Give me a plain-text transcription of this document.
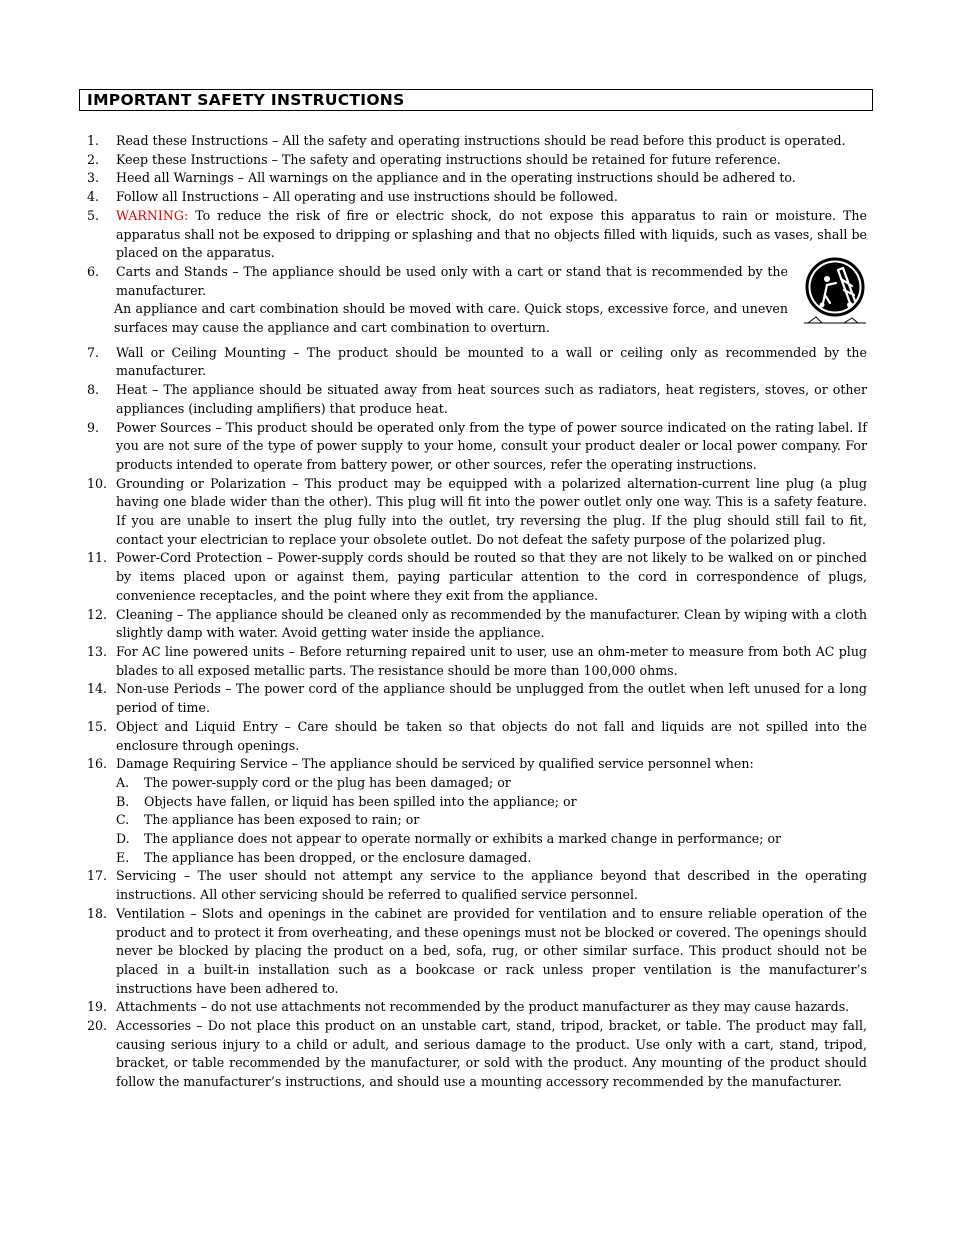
IMPORTANT SAFETY INSTRUCTIONS
1.	Read these Instructions – All the safety and operating instructions should be read before this product is operated.
2.	Keep these Instructions – The safety and operating instructions should be retained for future reference.
3.	Heed all Warnings – All warnings on the appliance and in the operating instructions should be adhered to.
4.	Follow all Instructions – All operating and use instructions should be followed.
5.	WARNING: To reduce the risk of fire or electric shock, do not expose this apparatus to rain or moisture. The apparatus shall not be exposed to dripping or splashing and that no objects filled with liquids, such as vases, shall be placed on the apparatus.
6.	Carts and Stands – The appliance should be used only with a cart or stand that is recommended by the manufacturer.
An appliance and cart combination should be moved with care. Quick stops, excessive force, and uneven surfaces may cause the appliance and cart combination to overturn.
7.	Wall or Ceiling Mounting – The product should be mounted to a wall or ceiling only as recommended by the manufacturer.
8.	Heat – The appliance should be situated away from heat sources such as radiators, heat registers, stoves, or other appliances (including amplifiers) that produce heat.
9.	Power Sources – This product should be operated only from the type of power source indicated on the rating label. If you are not sure of the type of power supply to your home, consult your product dealer or local power company. For products intended to operate from battery power, or other sources, refer the operating instructions.
10. Grounding or Polarization – This product may be equipped with a polarized alternation-current line plug (a plug having one blade wider than the other). This plug will fit into the power outlet only one way. This is a safety feature. If you are unable to insert the plug fully into the outlet, try reversing the plug. If the plug should still fail to fit, contact your electrician to replace your obsolete outlet. Do not defeat the safety purpose of the polarized plug.
11. Power-Cord Protection – Power-supply cords should be routed so that they are not likely to be walked on or pinched by items placed upon or against them, paying particular attention to the cord in correspondence of plugs, convenience receptacles, and the point where they exit from the appliance.
12. Cleaning – The appliance should be cleaned only as recommended by the manufacturer. Clean by wiping with a cloth slightly damp with water. Avoid getting water inside the appliance.
13. For AC line powered units – Before returning repaired unit to user, use an ohm-meter to measure from both AC plug blades to all exposed metallic parts. The resistance should be more than 100,000 ohms.
14. Non-use Periods – The power cord of the appliance should be unplugged from the outlet when left unused for a long period of time.
15. Object and Liquid Entry – Care should be taken so that objects do not fall and liquids are not spilled into the enclosure through openings.
16. Damage Requiring Service – The appliance should be serviced by qualified service personnel when:
A.	The power-supply cord or the plug has been damaged; or
B.	Objects have fallen, or liquid has been spilled into the appliance; or
C.	The appliance has been exposed to rain; or
D.	The appliance does not appear to operate normally or exhibits a marked change in performance; or
E.	The appliance has been dropped, or the enclosure damaged.
17. Servicing – The user should not attempt any service to the appliance beyond that described in the operating instructions. All other servicing should be referred to qualified service personnel.
18. Ventilation – Slots and openings in the cabinet are provided for ventilation and to ensure reliable operation of the product and to protect it from overheating, and these openings must not be blocked or covered. The openings should never be blocked by placing the product on a bed, sofa, rug, or other similar surface. This product should not be placed in a built-in installation such as a bookcase or rack unless proper ventilation is the manufacturer’s instructions have been adhered to.
19. Attachments – do not use attachments not recommended by the product manufacturer as they may cause hazards.
20. Accessories – Do not place this product on an unstable cart, stand, tripod, bracket, or table. The product may fall, causing serious injury to a child or adult, and serious damage to the product. Use only with a cart, stand, tripod, bracket, or table recommended by the manufacturer, or sold with the product. Any mounting of the product should follow the manufacturer’s instructions, and should use a mounting accessory recommended by the manufacturer.
